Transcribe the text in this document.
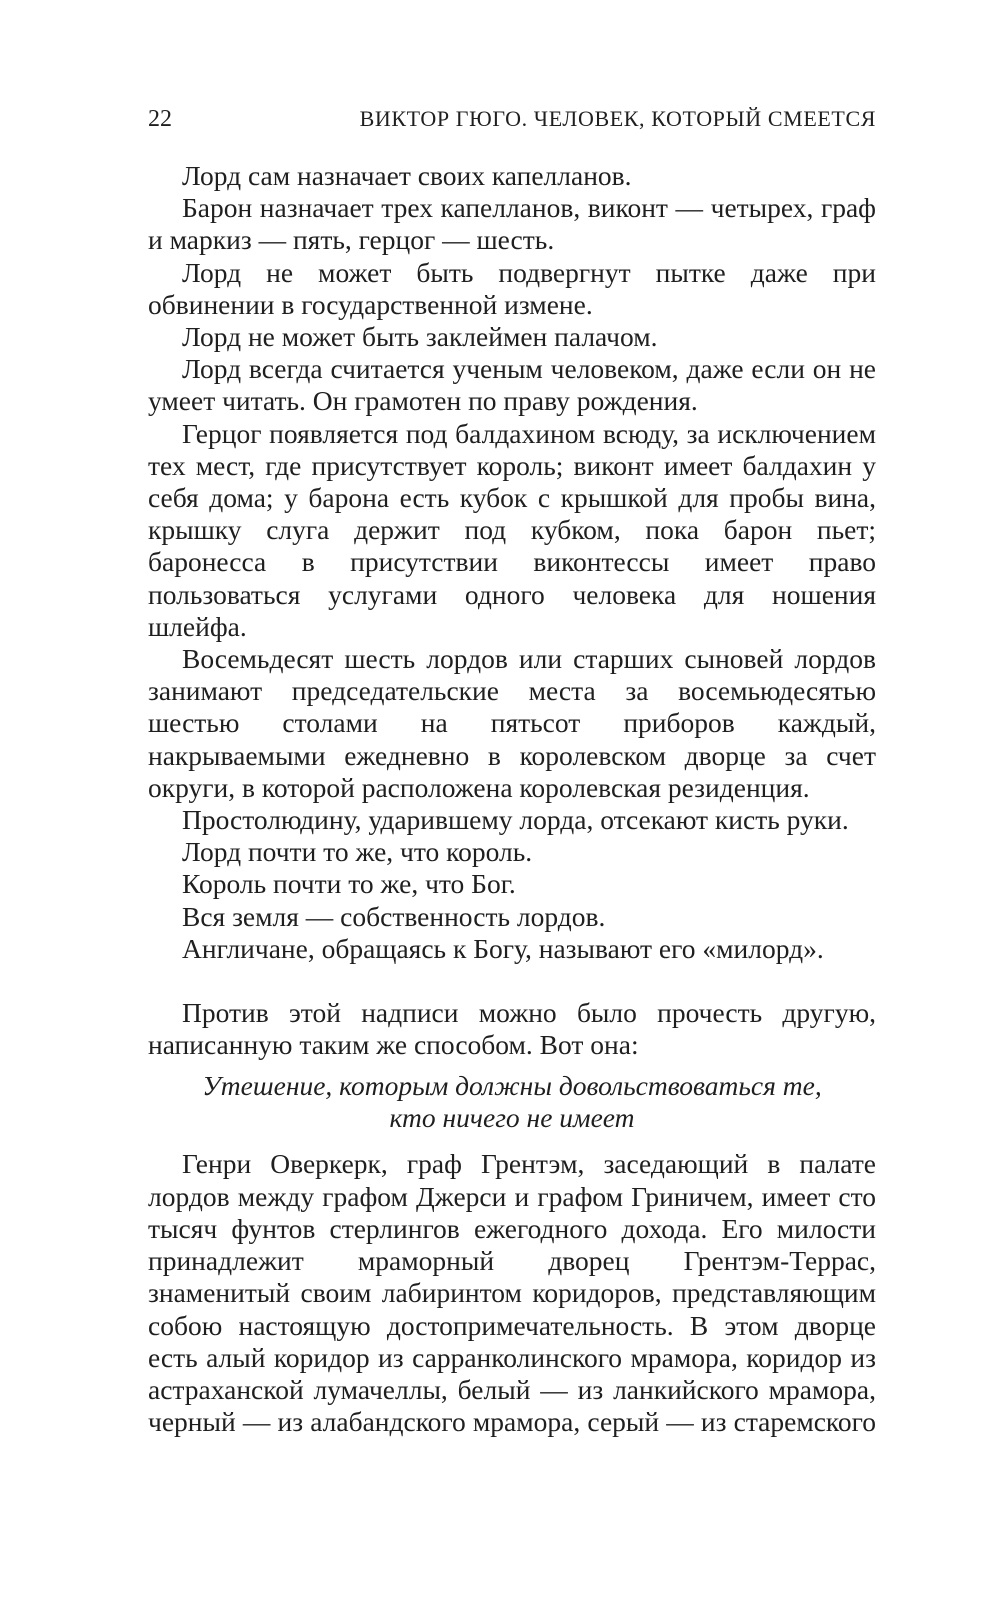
22	ВИКТОР ГЮГО. ЧЕЛОВЕК, КОТОРЫЙ СМЕЕТСЯ

Лорд сам назначает своих капелланов.

Барон назначает трех капелланов, виконт — четырех, граф и маркиз — пять, герцог — шесть.

Лорд не может быть подвергнут пытке даже при обвинении в государственной измене.

Лорд не может быть заклеймен палачом.

Лорд всегда считается ученым человеком, даже если он не умеет читать. Он грамотен по праву рождения.

Герцог появляется под балдахином всюду, за исключением тех мест, где присутствует король; виконт имеет балдахин у себя дома; у барона есть кубок с крышкой для пробы вина, крышку слуга держит под кубком, пока барон пьет; баронесса в присутствии виконтессы имеет право пользоваться услугами одного человека для ношения шлейфа.

Восемьдесят шесть лордов или старших сыновей лордов занимают председательские места за восемьюдесятью шестью столами на пятьсот приборов каждый, накрываемыми ежедневно в королевском дворце за счет округи, в которой расположена королевская резиденция.

Простолюдину, ударившему лорда, отсекают кисть руки.

Лорд почти то же, что король.

Король почти то же, что Бог.

Вся земля — собственность лордов.

Англичане, обращаясь к Богу, называют его «милорд».

Против этой надписи можно было прочесть другую, написанную таким же способом. Вот она:

Утешение, которым должны довольствоваться те,
кто ничего не имеет

Генри Оверкерк, граф Грентэм, заседающий в палате лордов между графом Джерси и графом Гриничем, имеет сто тысяч фунтов стерлингов ежегодного дохода. Его милости принадлежит мраморный дворец Грентэм-Террас, знаменитый своим лабиринтом коридоров, представляющим собою настоящую достопримечательность. В этом дворце есть алый коридор из сарранколинского мрамора, коридор из астраханской лумачеллы, белый — из ланкийского мрамора, черный — из алабандского мрамора, серый — из старемского
